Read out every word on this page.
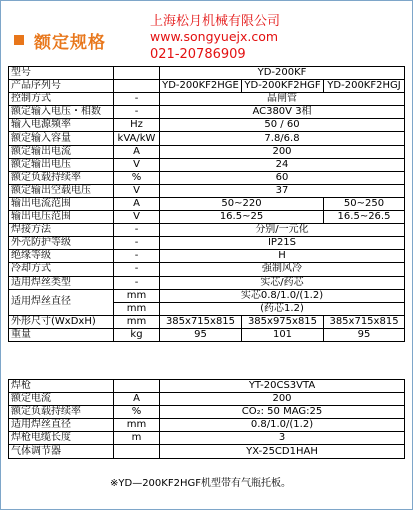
额定规格
上海松月机械有限公司
www.songyuejx.com
021-20786909
型号		YD-200KF		
产品序列号		YD-200KF2HGE	YD-200KF2HGF	YD-200KF2HGJ
控制方式	-	晶闸管		
额定输入电压・相数	-	AC380V 3相		
输入电源频率	Hz	50 / 60		
额定输入容量	kVA/kW	7.8/6.8		
额定输出电流	A	200		
额定输出电压	V	24		
额定负载持续率	%	60		
额定输出空载电压	V	37		
输出电流范围	A	50~220		50~250
输出电压范围	V	16.5~25		16.5~26.5
焊接方法	-	分别/一元化		
外壳防护等级	-	IP21S		
绝缘等级	-	H		
冷却方式	-	强制风冷		
适用焊丝类型	-	实芯/药芯		
适用焊丝直径	mm	实芯0.8/1.0/(1.2)		
	mm	(药芯1.2)		
外形尺寸(WxDxH)	mm	385x715x815	385x975x815	385x715x815
重量	kg	95	101	95
焊枪		YT-20CS3VTA
额定电流	A	200
额定负载持续率	%	CO₂: 50 MAG:25
适用焊丝直径	mm	0.8/1.0/(1.2)
焊枪电缆长度	m	3
气体调节器		YX-25CD1HAH
※YD—200KF2HGF机型带有气瓶托板。
